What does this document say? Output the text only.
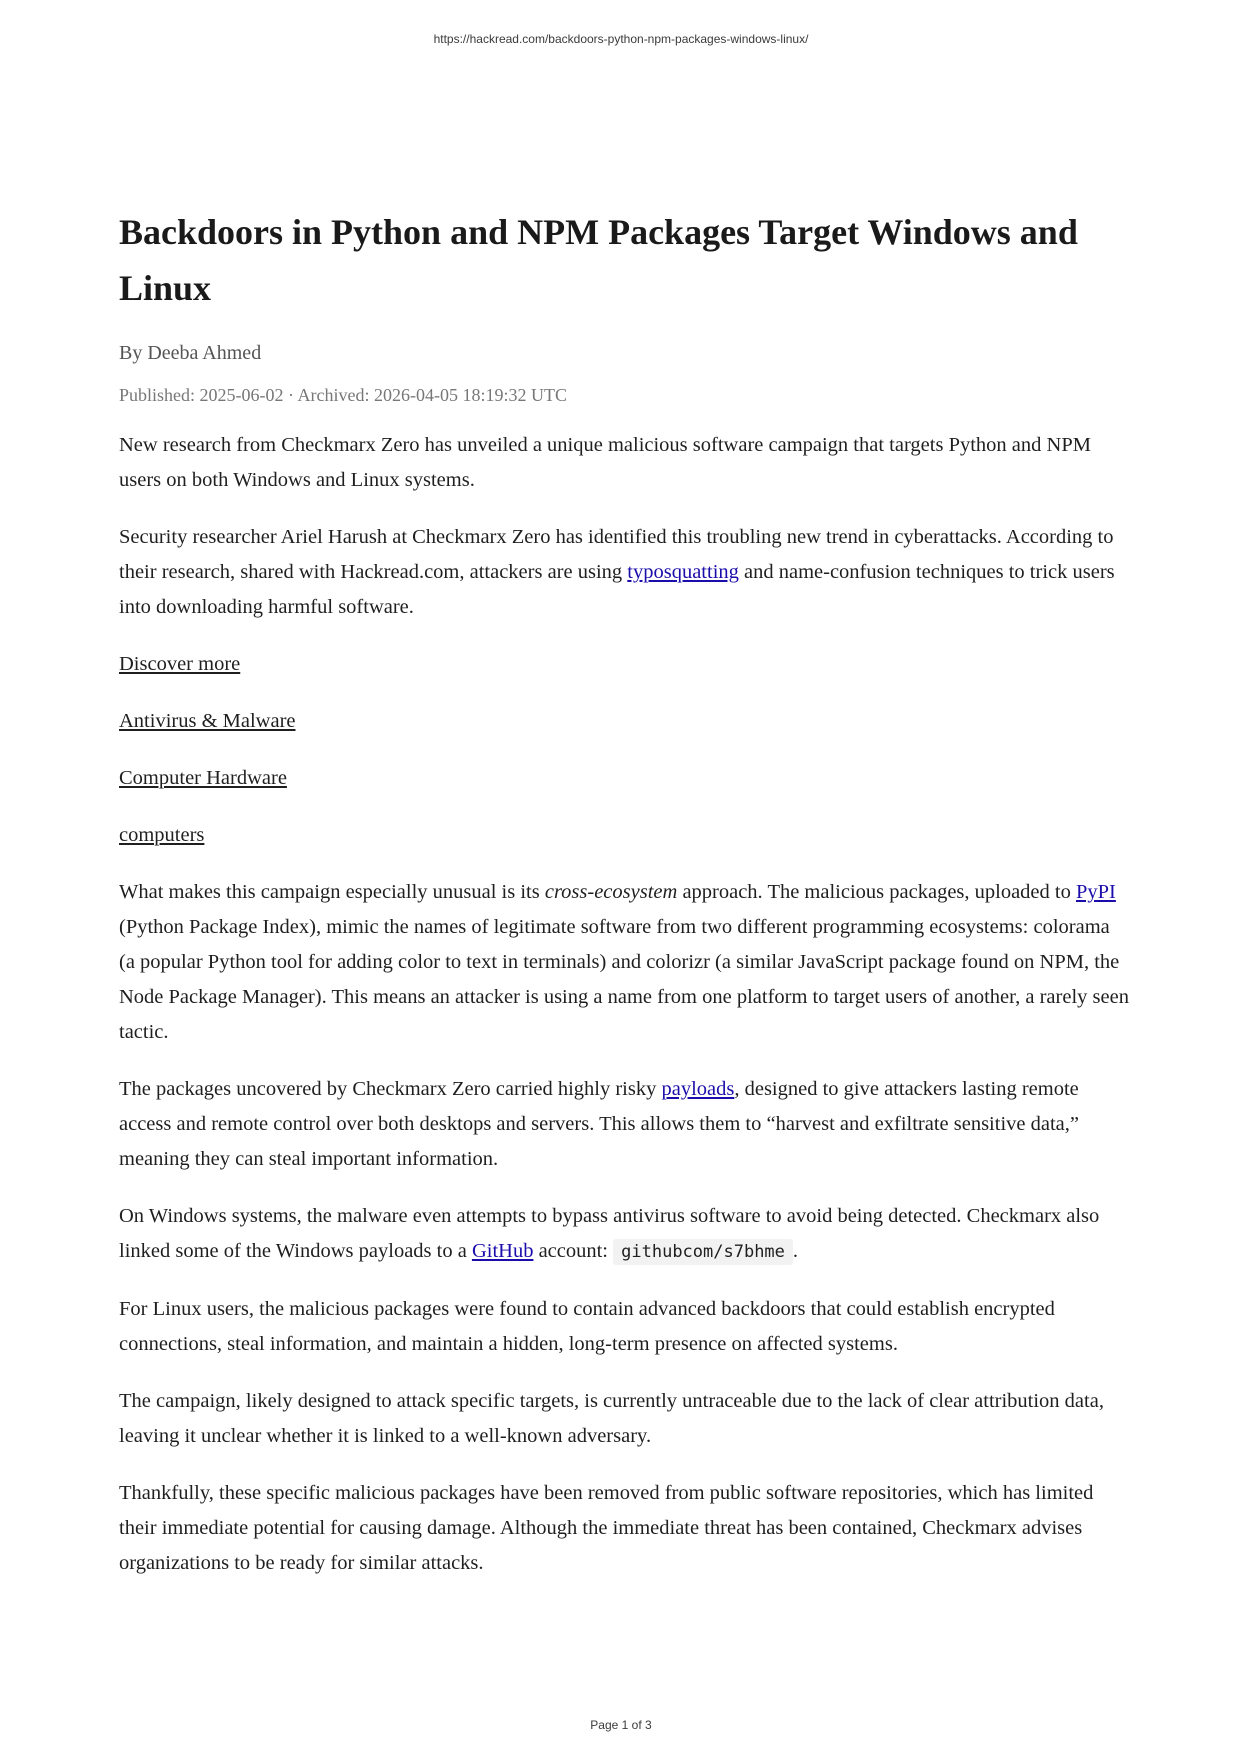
https://hackread.com/backdoors-python-npm-packages-windows-linux/
Backdoors in Python and NPM Packages Target Windows and Linux
By Deeba Ahmed
Published: 2025-06-02 · Archived: 2026-04-05 18:19:32 UTC

New research from Checkmarx Zero has unveiled a unique malicious software campaign that targets Python and NPM users on both Windows and Linux systems.

Security researcher Ariel Harush at Checkmarx Zero has identified this troubling new trend in cyberattacks. According to their research, shared with Hackread.com, attackers are using typosquatting and name-confusion techniques to trick users into downloading harmful software.

Discover more

Antivirus & Malware

Computer Hardware

computers

What makes this campaign especially unusual is its cross-ecosystem approach. The malicious packages, uploaded to PyPI (Python Package Index), mimic the names of legitimate software from two different programming ecosystems: colorama (a popular Python tool for adding color to text in terminals) and colorizr (a similar JavaScript package found on NPM, the Node Package Manager). This means an attacker is using a name from one platform to target users of another, a rarely seen tactic.

The packages uncovered by Checkmarx Zero carried highly risky payloads, designed to give attackers lasting remote access and remote control over both desktops and servers. This allows them to “harvest and exfiltrate sensitive data,” meaning they can steal important information.

On Windows systems, the malware even attempts to bypass antivirus software to avoid being detected. Checkmarx also linked some of the Windows payloads to a GitHub account: githubcom/s7bhme .

For Linux users, the malicious packages were found to contain advanced backdoors that could establish encrypted connections, steal information, and maintain a hidden, long-term presence on affected systems.

The campaign, likely designed to attack specific targets, is currently untraceable due to the lack of clear attribution data, leaving it unclear whether it is linked to a well-known adversary.

Thankfully, these specific malicious packages have been removed from public software repositories, which has limited their immediate potential for causing damage. Although the immediate threat has been contained, Checkmarx advises organizations to be ready for similar attacks.

Page 1 of 3
